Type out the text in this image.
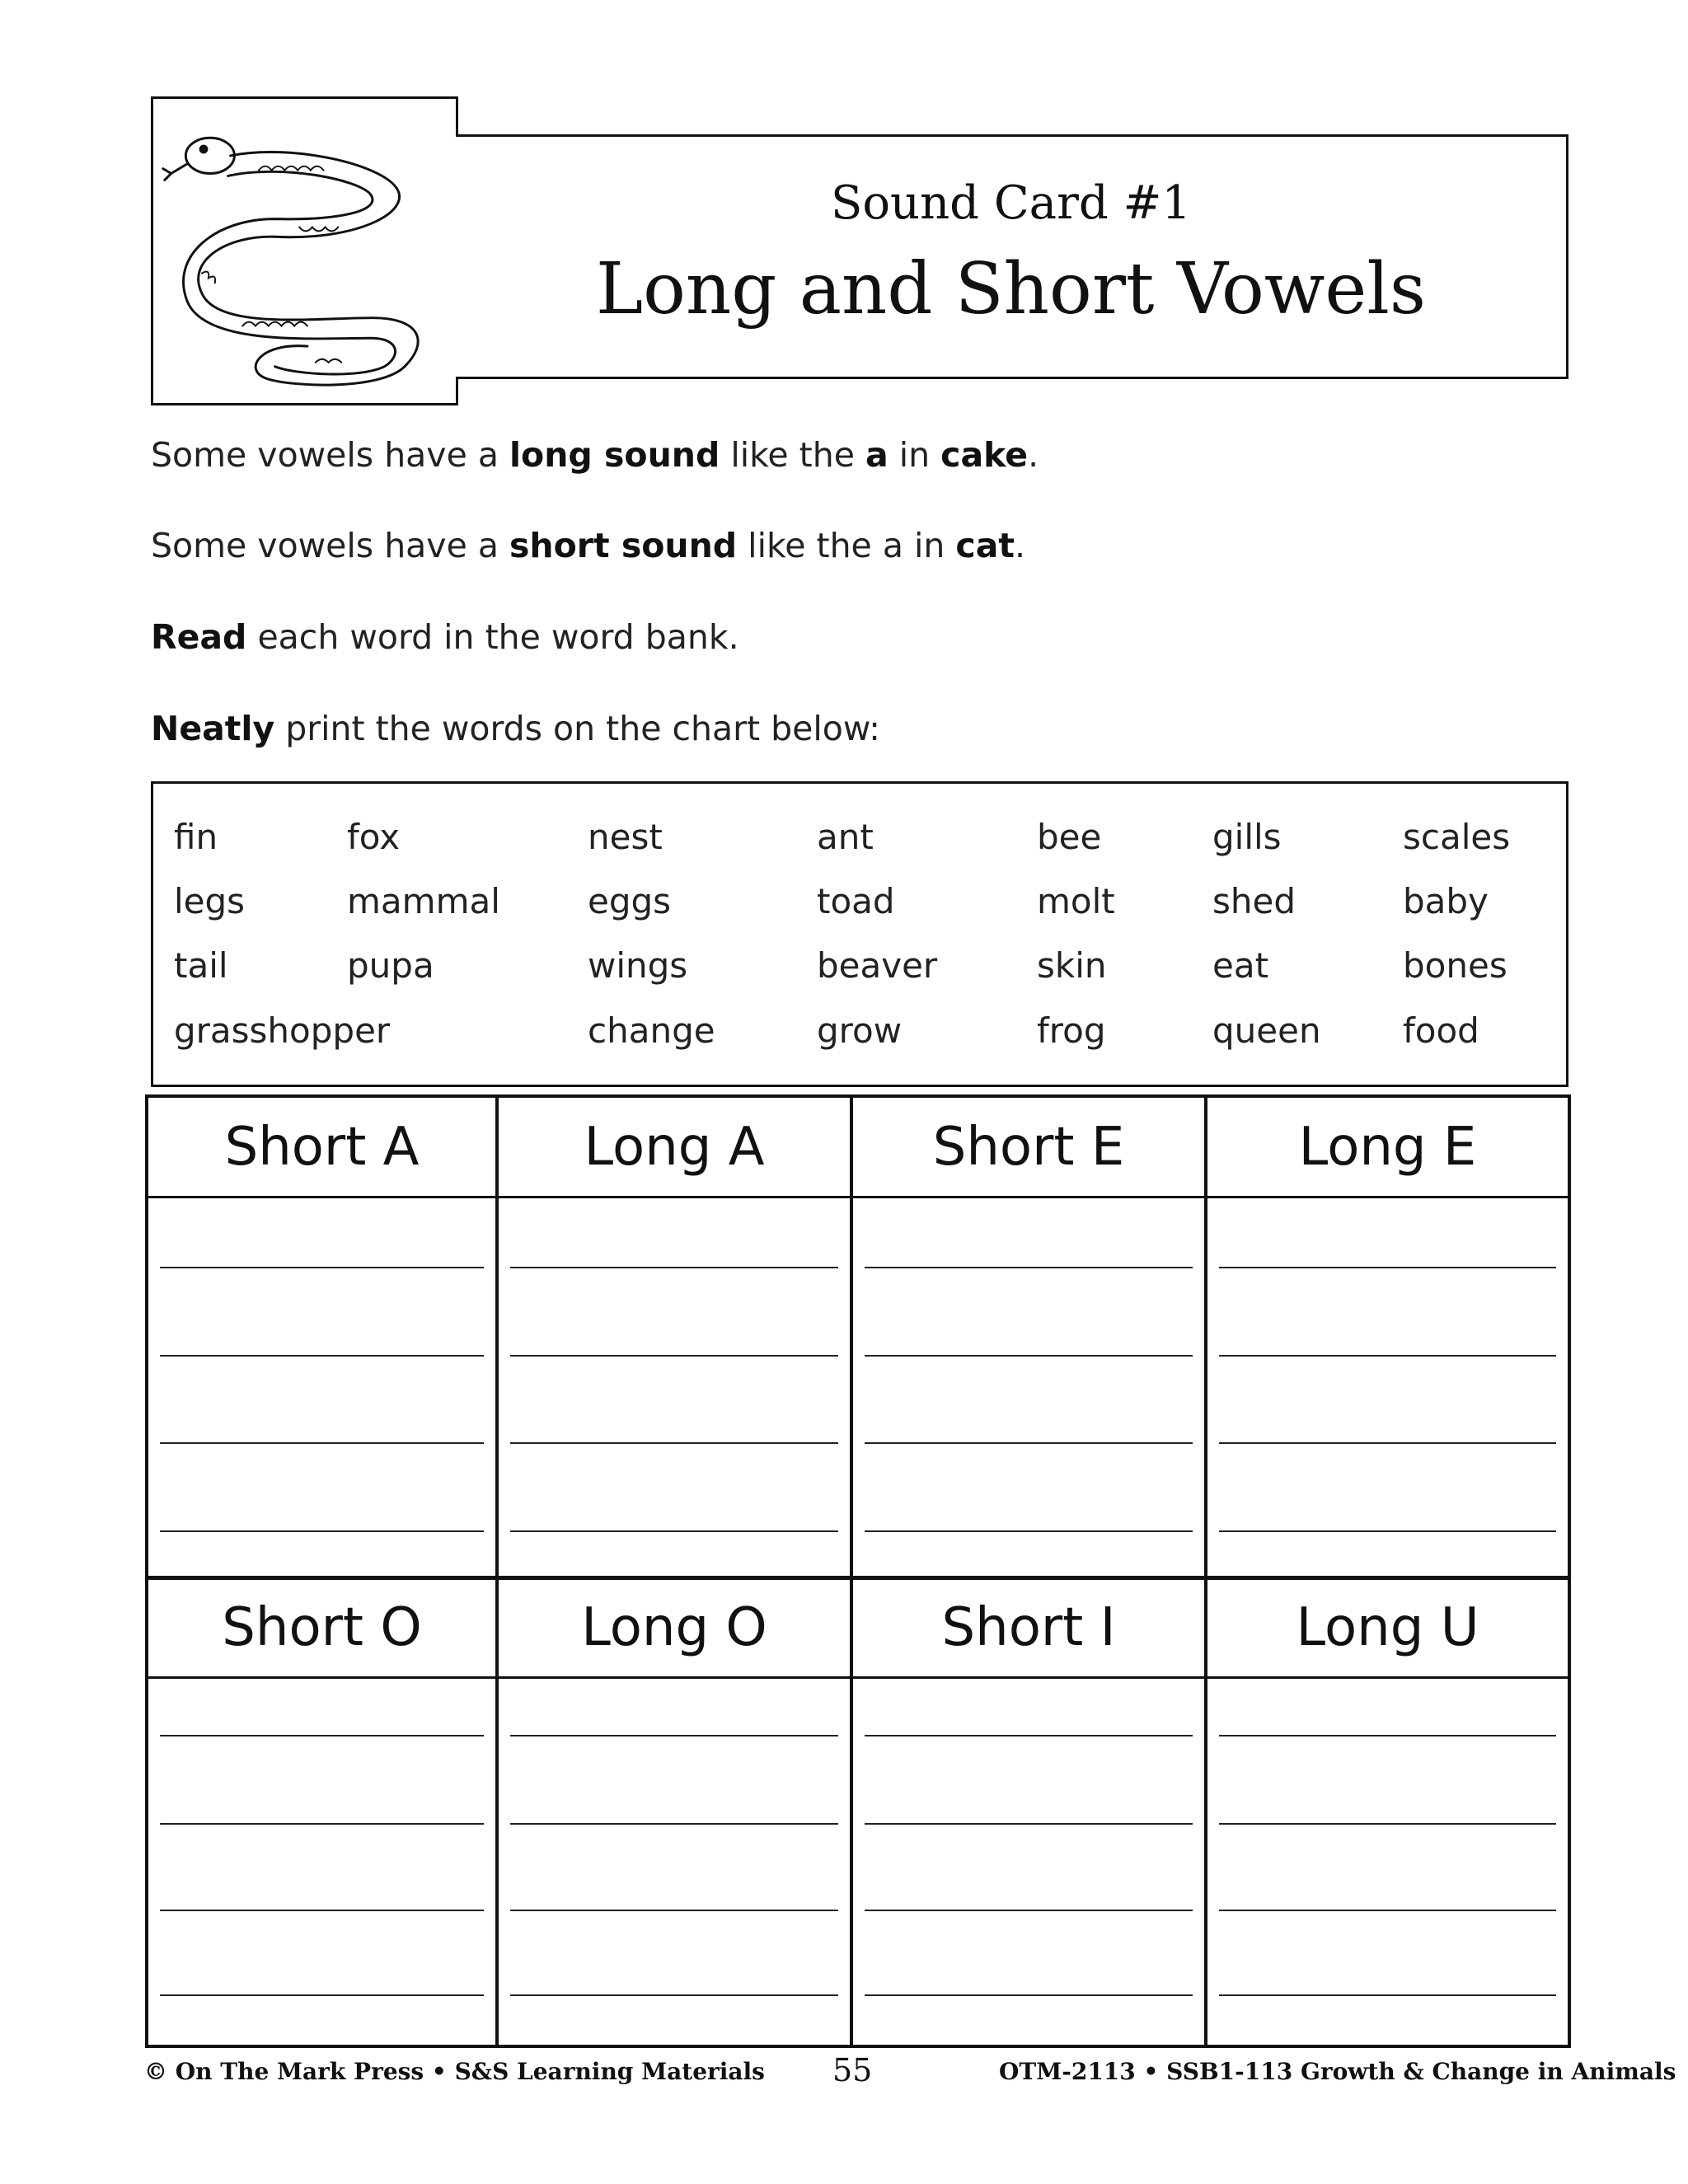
Sound Card #1
Long and Short Vowels
Some vowels have a long sound like the a in cake.
Some vowels have a short sound like the a in cat.
Read each word in the word bank.
Neatly print the words on the chart below:
fin	fox	nest	ant	bee	gills	scales
legs	mammal	eggs	toad	molt	shed	baby
tail	pupa	wings	beaver	skin	eat	bones
grasshopper	change	grow	frog	queen food
Short A	Long A	Short E	Long E
Short O	Long O	Short I	Long U
© On The Mark Press • S&S Learning Materials 55	OTM-2113 • SSB1-113 Growth & Change in Animals
